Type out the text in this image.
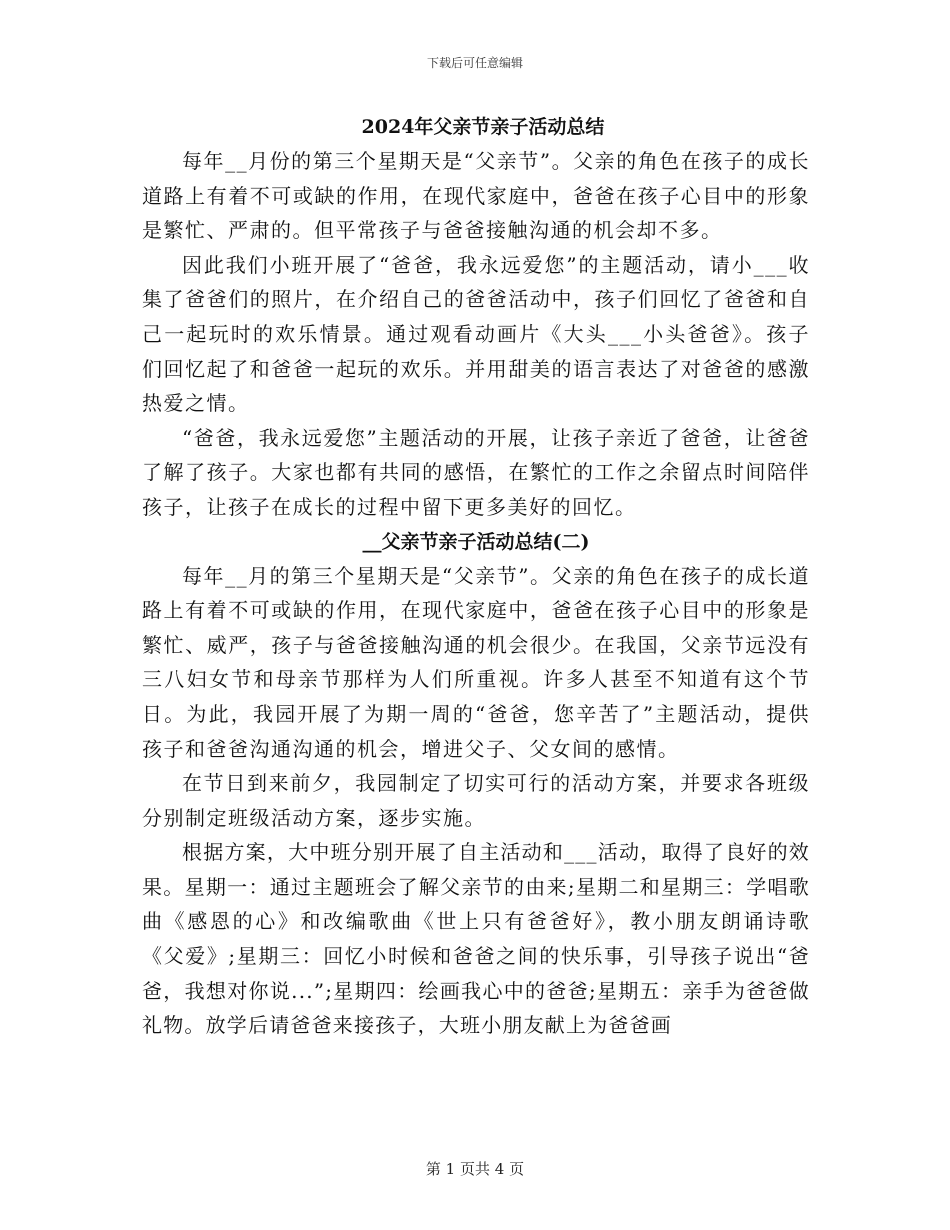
下载后可任意编辑
2024年父亲节亲子活动总结

每年__月份的第三个星期天是“父亲节”。父亲的角色在孩子的成长道路上有着不可或缺的作用，在现代家庭中，爸爸在孩子心目中的形象是繁忙、严肃的。但平常孩子与爸爸接触沟通的机会却不多。

因此我们小班开展了“爸爸，我永远爱您”的主题活动，请小___收集了爸爸们的照片，在介绍自己的爸爸活动中，孩子们回忆了爸爸和自己一起玩时的欢乐情景。通过观看动画片《大头___小头爸爸》。孩子们回忆起了和爸爸一起玩的欢乐。并用甜美的语言表达了对爸爸的感激热爱之情。

“爸爸，我永远爱您”主题活动的开展，让孩子亲近了爸爸，让爸爸了解了孩子。大家也都有共同的感悟，在繁忙的工作之余留点时间陪伴孩子，让孩子在成长的过程中留下更多美好的回忆。

__父亲节亲子活动总结(二)

每年__月的第三个星期天是“父亲节”。父亲的角色在孩子的成长道路上有着不可或缺的作用，在现代家庭中，爸爸在孩子心目中的形象是繁忙、威严，孩子与爸爸接触沟通的机会很少。在我国，父亲节远没有三八妇女节和母亲节那样为人们所重视。许多人甚至不知道有这个节日。为此，我园开展了为期一周的“爸爸，您辛苦了”主题活动，提供孩子和爸爸沟通沟通的机会，增进父子、父女间的感情。

在节日到来前夕，我园制定了切实可行的活动方案，并要求各班级分别制定班级活动方案，逐步实施。

根据方案，大中班分别开展了自主活动和___活动，取得了良好的效果。星期一：通过主题班会了解父亲节的由来;星期二和星期三：学唱歌曲《感恩的心》和改编歌曲《世上只有爸爸好》，教小朋友朗诵诗歌《父爱》;星期三：回忆小时候和爸爸之间的快乐事，引导孩子说出“爸爸，我想对你说...”;星期四：绘画我心中的爸爸;星期五：亲手为爸爸做礼物。放学后请爸爸来接孩子，大班小朋友献上为爸爸画

第 1 页共 4 页
